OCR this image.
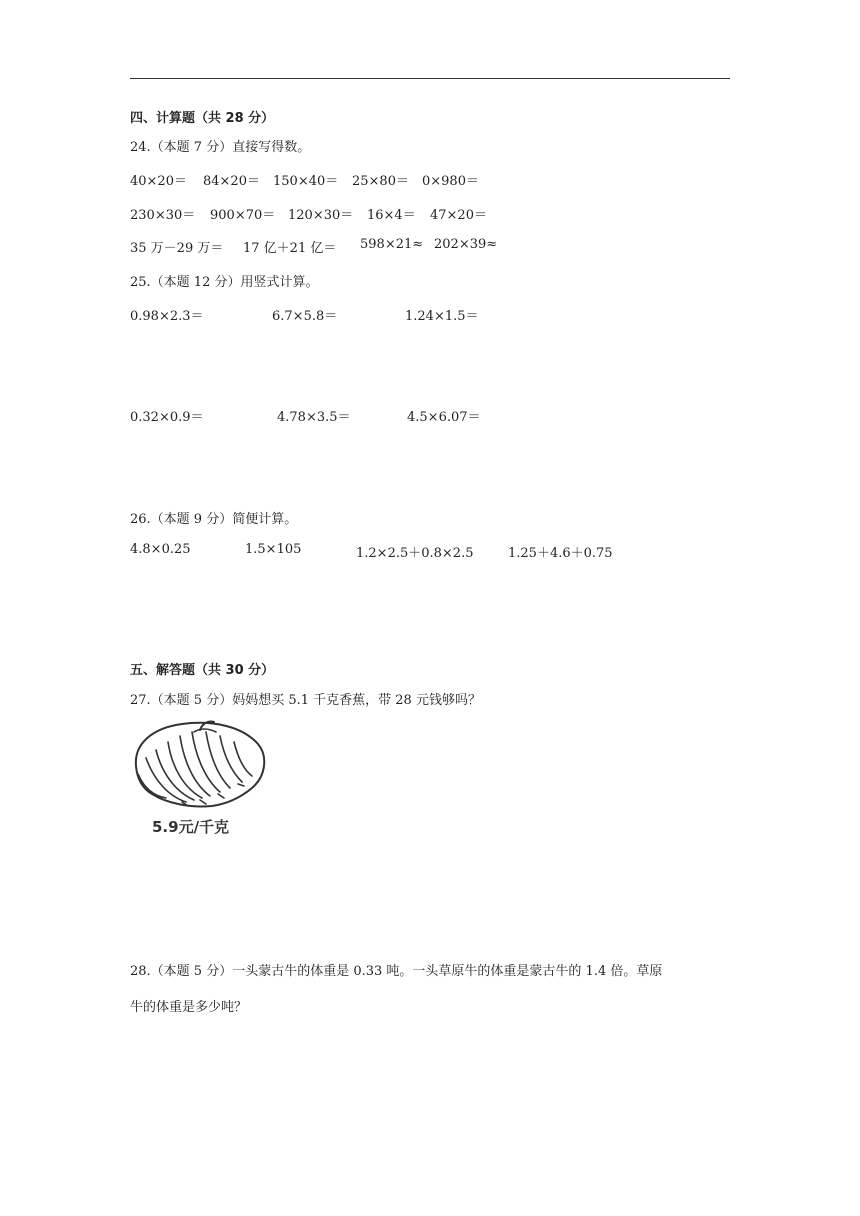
四、计算题（共 28 分）
24.（本题 7 分）直接写得数。
40×20＝ 84×20＝ 150×40＝ 25×80＝ 0×980＝
230×30＝ 900×70＝ 120×30＝ 16×4＝ 47×20＝
35 万－29 万＝ 17 亿＋21 亿＝ 598×21≈ 202×39≈
25.（本题 12 分）用竖式计算。
0.98×2.3＝	6.7×5.8＝	1.24×1.5＝
0.32×0.9＝	4.78×3.5＝	4.5×6.07＝
26.（本题 9 分）简便计算。
4.8×0.25	1.5×105	1.2×2.5＋0.8×2.5	1.25＋4.6＋0.75
五、解答题（共 30 分）
27.（本题 5 分）妈妈想买 5.1 千克香蕉，带 28 元钱够吗？
5.9元/千克
28.（本题 5 分）一头蒙古牛的体重是 0.33 吨。一头草原牛的体重是蒙古牛的 1.4 倍。草原
牛的体重是多少吨？
